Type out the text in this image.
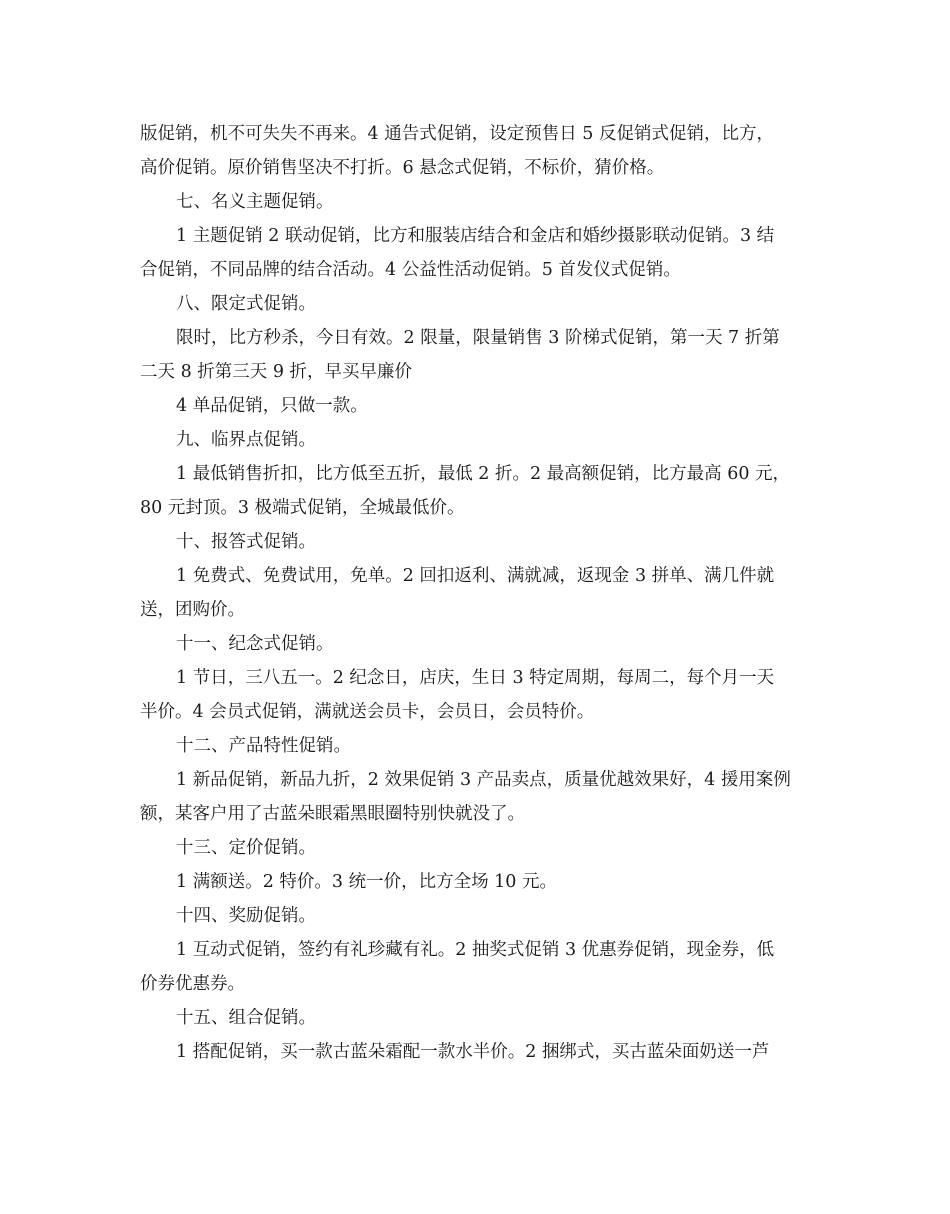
版促销，机不可失失不再来。4 通告式促销，设定预售日 5 反促销式促销，比方，
高价促销。原价销售坚决不打折。6 悬念式促销，不标价，猜价格。
七、名义主题促销。
1 主题促销 2 联动促销，比方和服装店结合和金店和婚纱摄影联动促销。3 结
合促销，不同品牌的结合活动。4 公益性活动促销。5 首发仪式促销。
八、限定式促销。
限时，比方秒杀，今日有效。2 限量，限量销售 3 阶梯式促销，第一天 7 折第
二天 8 折第三天 9 折，早买早廉价
4 单品促销，只做一款。
九、临界点促销。
1 最低销售折扣，比方低至五折，最低 2 折。2 最高额促销，比方最高 60 元，
80 元封顶。3 极端式促销，全城最低价。
十、报答式促销。
1 免费式、免费试用，免单。2 回扣返利、满就减，返现金 3 拼单、满几件就
送，团购价。
十一、纪念式促销。
1 节日，三八五一。2 纪念日，店庆，生日 3 特定周期，每周二，每个月一天
半价。4 会员式促销，满就送会员卡，会员日，会员特价。
十二、产品特性促销。
1 新品促销，新品九折，2 效果促销 3 产品卖点，质量优越效果好，4 援用案例
额，某客户用了古蓝朵眼霜黑眼圈特别快就没了。
十三、定价促销。
1 满额送。2 特价。3 统一价，比方全场 10 元。
十四、奖励促销。
1 互动式促销，签约有礼珍藏有礼。2 抽奖式促销 3 优惠券促销，现金券，低
价券优惠券。
十五、组合促销。
1 搭配促销，买一款古蓝朵霜配一款水半价。2 捆绑式，买古蓝朵面奶送一芦
